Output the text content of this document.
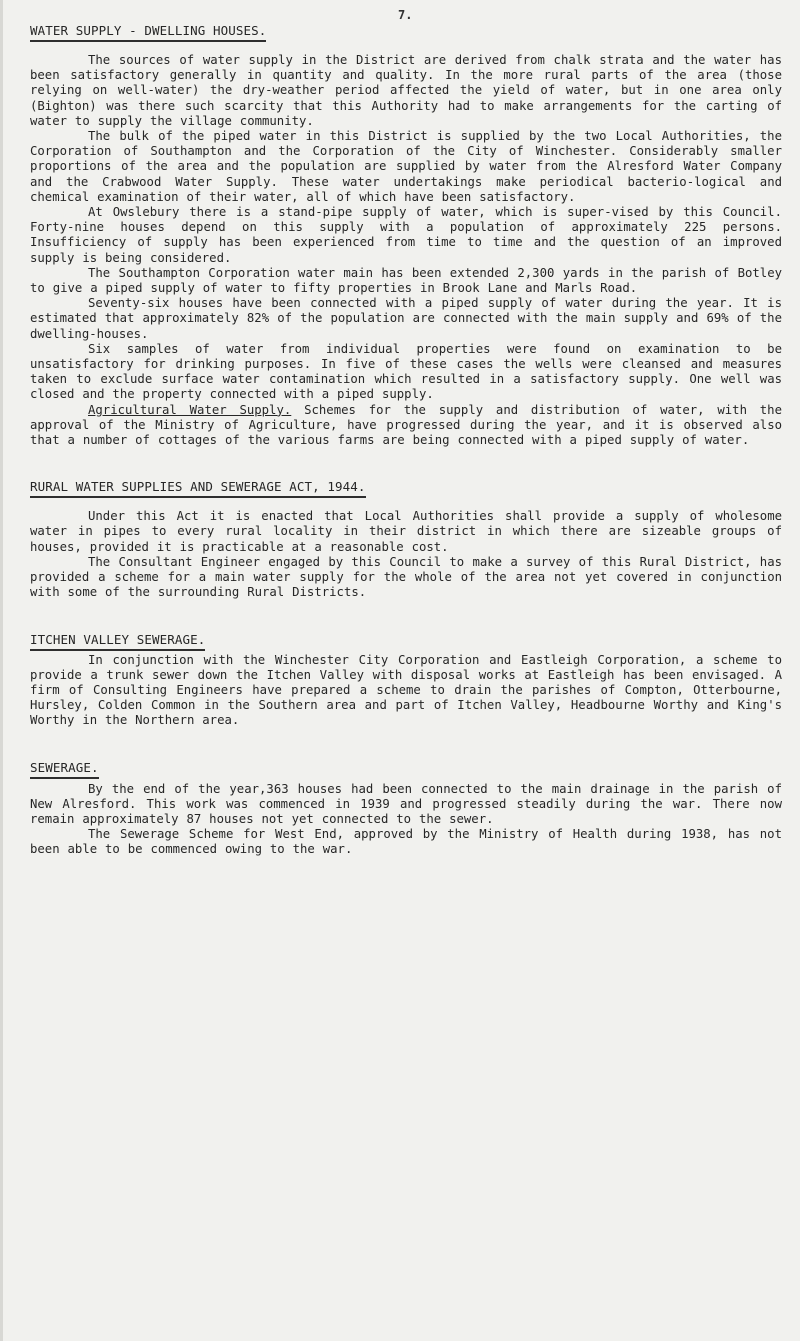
7.
WATER SUPPLY - DWELLING HOUSES.

The sources of water supply in the District are derived from chalk strata and the water has been satisfactory generally in quantity and quality. In the more rural parts of the area (those relying on well-water) the dry-weather period affected the yield of water, but in one area only (Bighton) was there such scarcity that this Authority had to make arrangements for the carting of water to supply the village community.

The bulk of the piped water in this District is supplied by the two Local Authorities, the Corporation of Southampton and the Corporation of the City of Winchester. Considerably smaller proportions of the area and the population are supplied by water from the Alresford Water Company and the Crabwood Water Supply. These water undertakings make periodical bacterio-logical and chemical examination of their water, all of which have been satisfactory.

At Owslebury there is a stand-pipe supply of water, which is super-vised by this Council. Forty-nine houses depend on this supply with a population of approximately 225 persons. Insufficiency of supply has been experienced from time to time and the question of an improved supply is being considered.

The Southampton Corporation water main has been extended 2,300 yards in the parish of Botley to give a piped supply of water to fifty properties in Brook Lane and Marls Road.

Seventy-six houses have been connected with a piped supply of water during the year. It is estimated that approximately 82% of the population are connected with the main supply and 69% of the dwelling-houses.

Six samples of water from individual properties were found on examination to be unsatisfactory for drinking purposes. In five of these cases the wells were cleansed and measures taken to exclude surface water contamination which resulted in a satisfactory supply. One well was closed and the property connected with a piped supply.

Agricultural Water Supply. Schemes for the supply and distribution of water, with the approval of the Ministry of Agriculture, have progressed during the year, and it is observed also that a number of cottages of the various farms are being connected with a piped supply of water.

RURAL WATER SUPPLIES AND SEWERAGE ACT, 1944.

Under this Act it is enacted that Local Authorities shall provide a supply of wholesome water in pipes to every rural locality in their district in which there are sizeable groups of houses, provided it is practicable at a reasonable cost.

The Consultant Engineer engaged by this Council to make a survey of this Rural District, has provided a scheme for a main water supply for the whole of the area not yet covered in conjunction with some of the surrounding Rural Districts.

ITCHEN VALLEY SEWERAGE.

In conjunction with the Winchester City Corporation and Eastleigh Corporation, a scheme to provide a trunk sewer down the Itchen Valley with disposal works at Eastleigh has been envisaged. A firm of Consulting Engineers have prepared a scheme to drain the parishes of Compton, Otterbourne, Hursley, Colden Common in the Southern area and part of Itchen Valley, Headbourne Worthy and King's Worthy in the Northern area.

SEWERAGE.

By the end of the year,363 houses had been connected to the main drainage in the parish of New Alresford. This work was commenced in 1939 and progressed steadily during the war. There now remain approximately 87 houses not yet connected to the sewer.

The Sewerage Scheme for West End, approved by the Ministry of Health during 1938, has not been able to be commenced owing to the war.
